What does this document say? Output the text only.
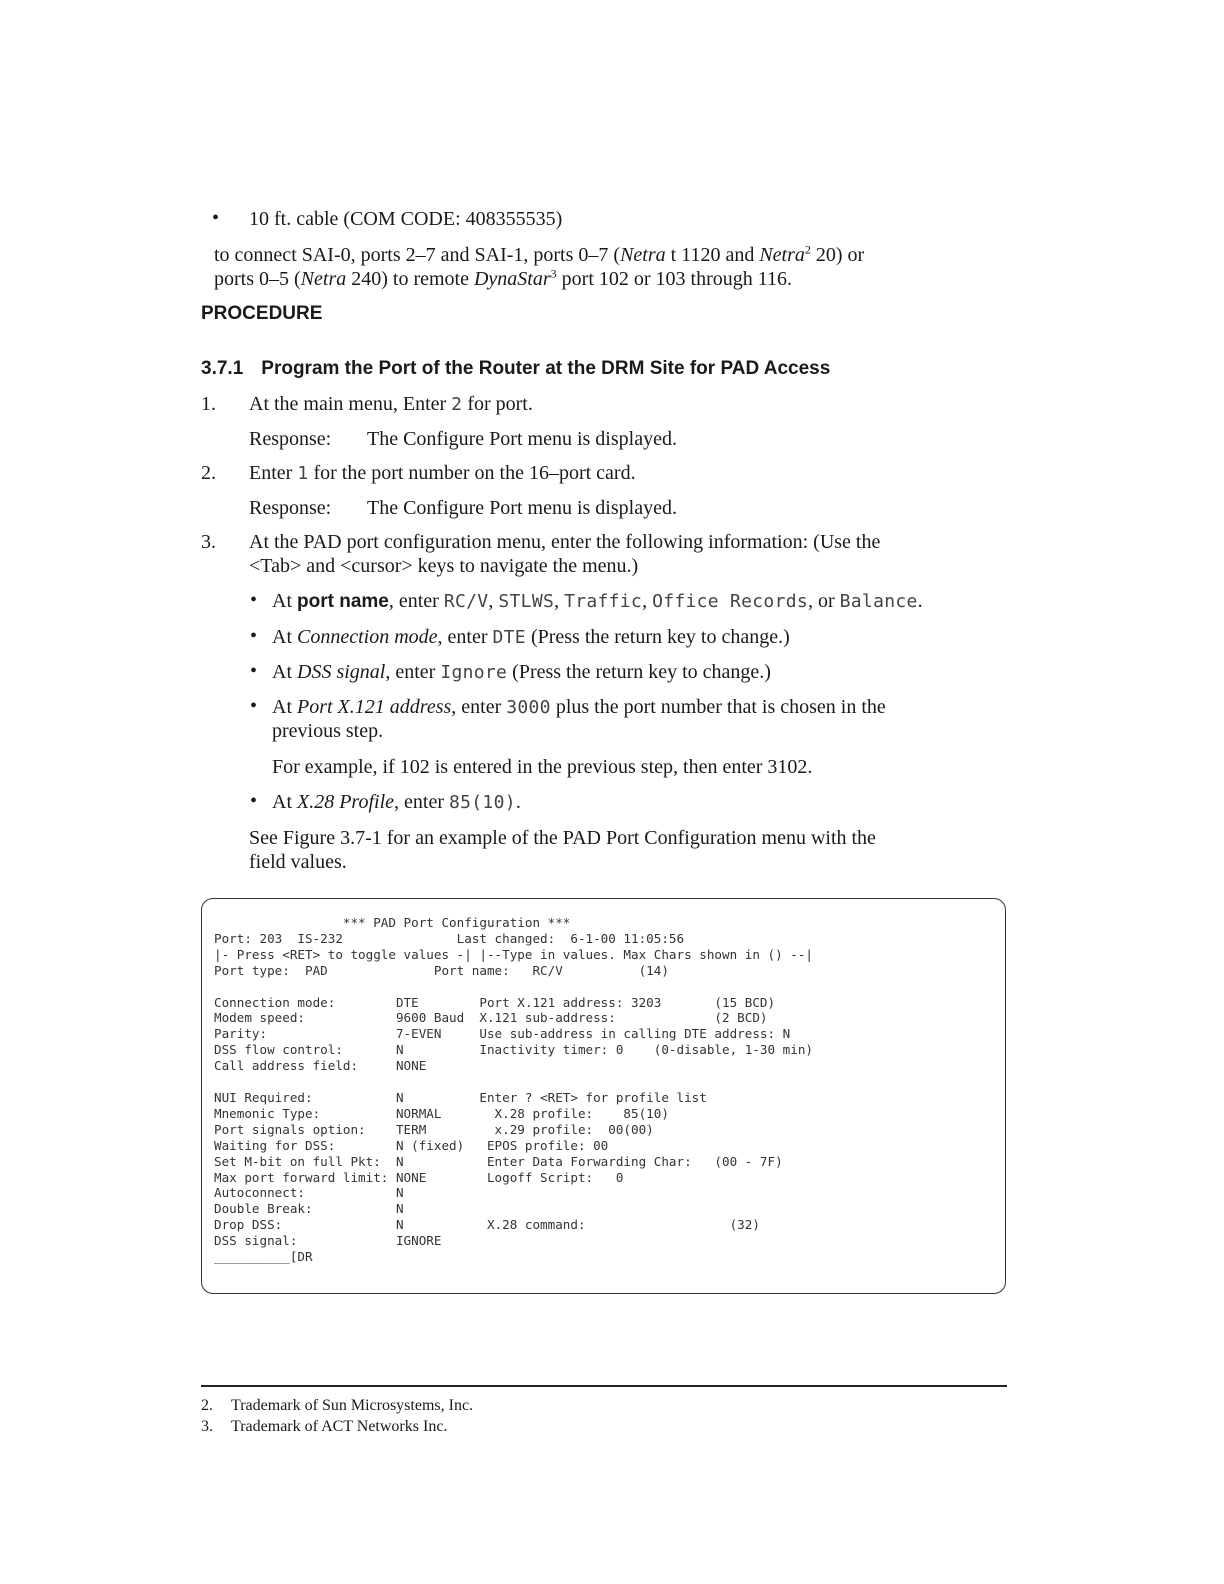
• 10 ft. cable (COM CODE: 408355535)
to connect SAI-0, ports 2–7 and SAI-1, ports 0–7 (Netra t 1120 and Netra$^2$ 20) or
ports 0–5 (Netra 240) to remote DynaStar$^3$ port 102 or 103 through 116.
PROCEDURE
3.7.1 Program the Port of the Router at the DRM Site for PAD Access
1. At the main menu, Enter 2 for port.
Response: The Configure Port menu is displayed.
2. Enter 1 for the port number on the 16–port card.
Response: The Configure Port menu is displayed.
3. At the PAD port configuration menu, enter the following information: (Use the
<Tab> and <cursor> keys to navigate the menu.)
• At port name, enter RC/V, STLWS, Traffic, Office Records, or Balance.
• At Connection mode, enter DTE (Press the return key to change.)
• At DSS signal, enter Ignore (Press the return key to change.)
• At Port X.121 address, enter 3000 plus the port number that is chosen in the
previous step.
For example, if 102 is entered in the previous step, then enter 3102.
• At X.28 Profile, enter 85(10).
See Figure 3.7-1 for an example of the PAD Port Configuration menu with the
field values.
*** PAD Port Configuration ***
Port: 203  IS-232               Last changed:  6-1-00 11:05:56
|- Press <RET> to toggle values -| |--Type in values. Max Chars shown in () --|
Port type:  PAD              Port name:   RC/V          (14)

Connection mode:        DTE        Port X.121 address: 3203       (15 BCD)
Modem speed:            9600 Baud  X.121 sub-address:             (2 BCD)
Parity:                 7-EVEN     Use sub-address in calling DTE address: N
DSS flow control:       N          Inactivity timer: 0    (0-disable, 1-30 min)
Call address field:     NONE

NUI Required:           N          Enter ? <RET> for profile list
Mnemonic Type:          NORMAL       X.28 profile:    85(10)
Port signals option:    TERM         x.29 profile:  00(00)
Waiting for DSS:        N (fixed)   EPOS profile: 00
Set M-bit on full Pkt:  N           Enter Data Forwarding Char:   (00 - 7F)
Max port forward limit: NONE        Logoff Script:   0
Autoconnect:            N
Double Break:           N
Drop DSS:               N           X.28 command:                   (32)
DSS signal:             IGNORE
__________[DR
2. Trademark of Sun Microsystems, Inc.
3. Trademark of ACT Networks Inc.
